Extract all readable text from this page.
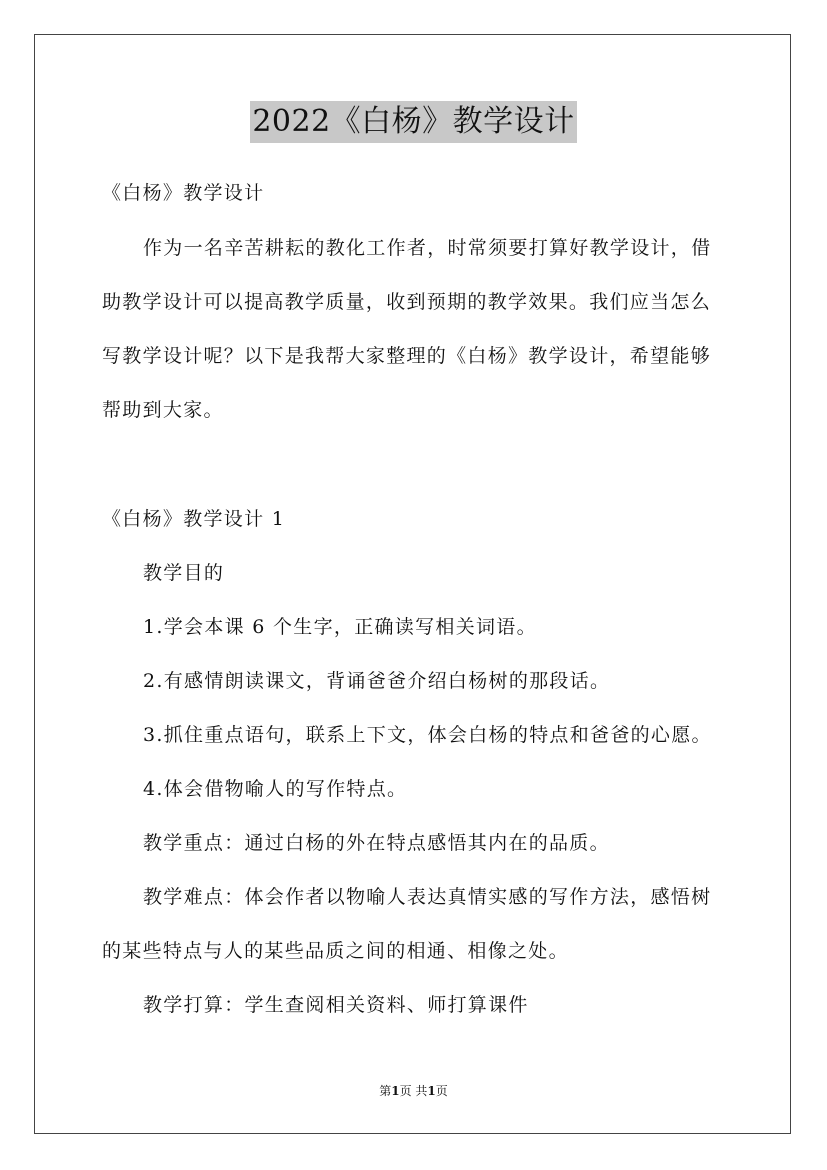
2022《白杨》教学设计
《白杨》教学设计
作为一名辛苦耕耘的教化工作者，时常须要打算好教学设计，借
助教学设计可以提高教学质量，收到预期的教学效果。我们应当怎么
写教学设计呢？以下是我帮大家整理的《白杨》教学设计，希望能够
帮助到大家。
《白杨》教学设计 1
教学目的
1.学会本课 6 个生字，正确读写相关词语。
2.有感情朗读课文，背诵爸爸介绍白杨树的那段话。
3.抓住重点语句，联系上下文，体会白杨的特点和爸爸的心愿。
4.体会借物喻人的写作特点。
教学重点：通过白杨的外在特点感悟其内在的品质。
教学难点：体会作者以物喻人表达真情实感的写作方法，感悟树
的某些特点与人的某些品质之间的相通、相像之处。
教学打算：学生查阅相关资料、师打算课件
第1页 共1页
